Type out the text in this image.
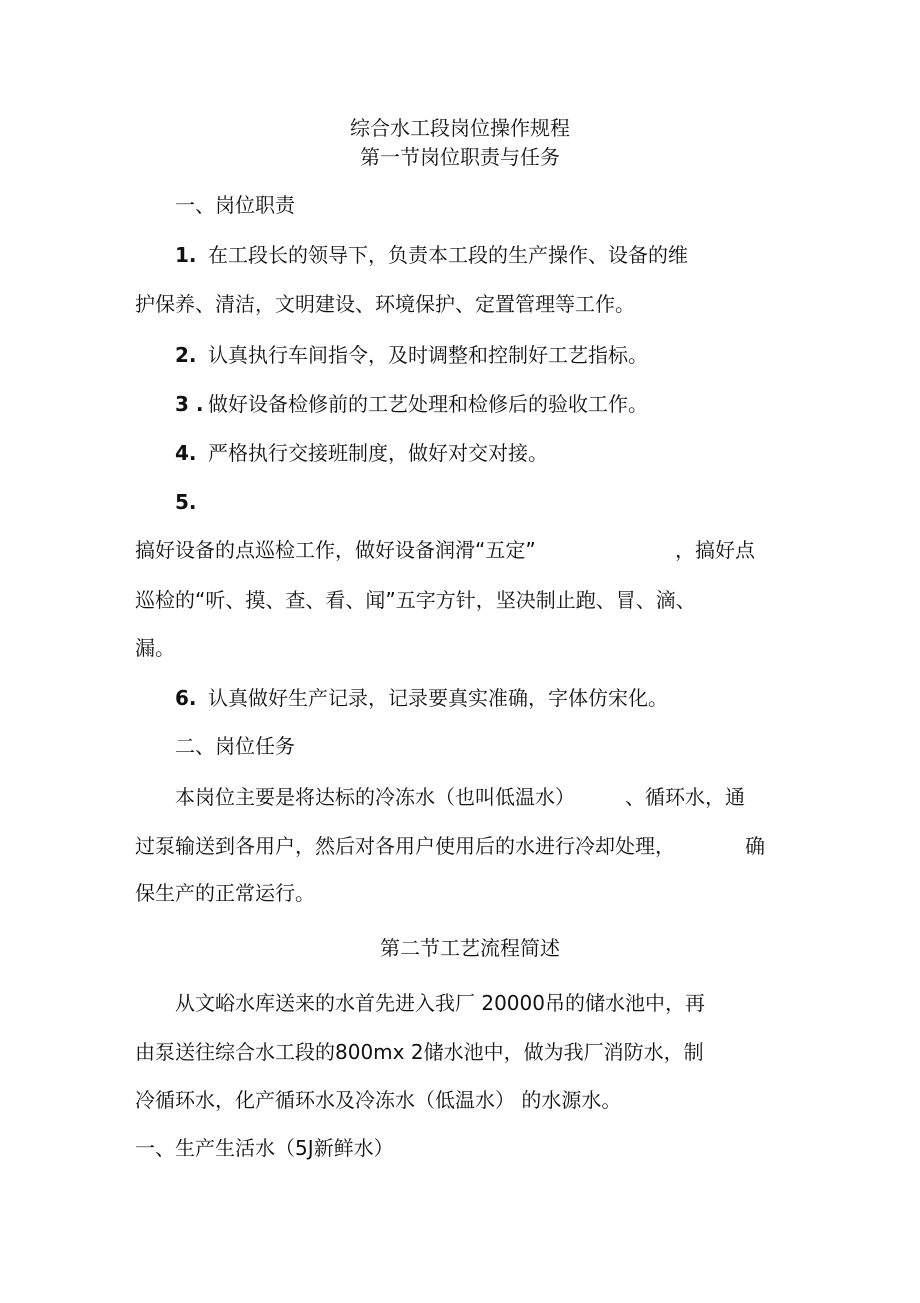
综合水工段岗位操作规程
第一节岗位职责与任务
一、岗位职责
1. 在工段长的领导下，负责本工段的生产操作、设备的维
护保养、清洁，文明建设、环境保护、定置管理等工作。
2. 认真执行车间指令，及时调整和控制好工艺指标。
3 . 做好设备检修前的工艺处理和检修后的验收工作。
4. 严格执行交接班制度，做好对交对接。
5.
搞好设备的点巡检工作，做好设备润滑“五定”	，搞好点
巡检的“听、摸、查、看、闻”五字方针，坚决制止跑、冒、滴、
漏。
6. 认真做好生产记录，记录要真实准确，字体仿宋化。
二、岗位任务
本岗位主要是将达标的冷冻水（也叫低温水）	、循环水，通
过泵输送到各用户，然后对各用户使用后的水进行冷却处理，	确
保生产的正常运行。
第二节工艺流程简述
从文峪水库送来的水首先进入我厂 20000吊的储水池中，再
由泵送往综合水工段的800mx 2储水池中，做为我厂消防水，制
冷循环水，化产循环水及冷冻水（低温水） 的水源水。
一、生产生活水（5J新鲜水）
